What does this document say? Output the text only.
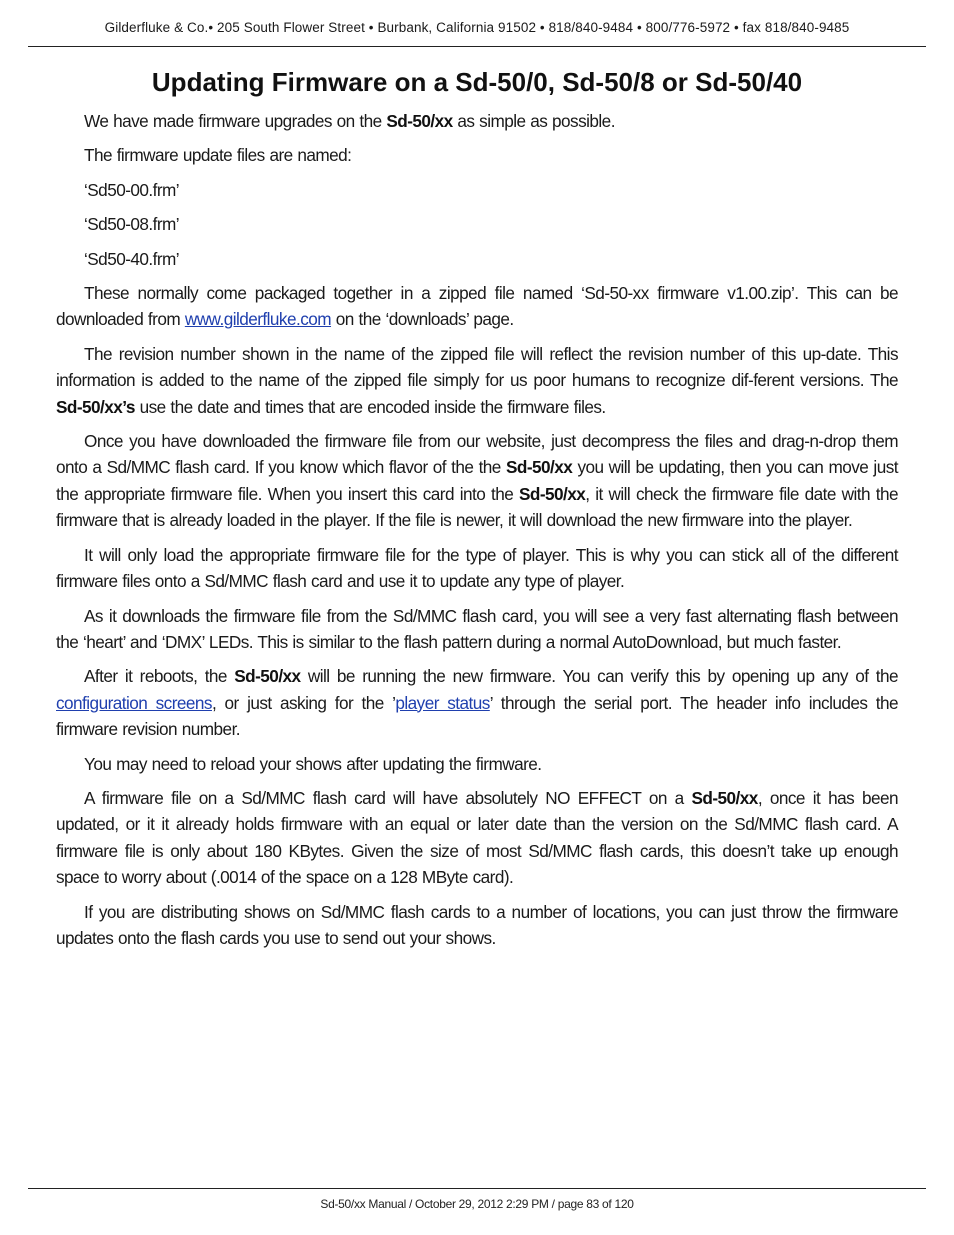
Gilderfluke & Co.• 205 South Flower Street • Burbank, California 91502 • 818/840-9484 • 800/776-5972 • fax 818/840-9485
Updating Firmware on a Sd-50/0, Sd-50/8 or Sd-50/40

We have made firmware upgrades on the Sd-50/xx as simple as possible.

The firmware update files are named:

‘Sd50-00.frm’

‘Sd50-08.frm’

‘Sd50-40.frm’

These normally come packaged together in a zipped file named ‘Sd-50-xx firmware v1.00.zip’. This can be downloaded from www.gilderfluke.com on the ‘downloads’ page.

The revision number shown in the name of the zipped file will reflect the revision number of this up-date. This information is added to the name of the zipped file simply for us poor humans to recognize dif-ferent versions. The Sd-50/xx’s use the date and times that are encoded inside the firmware files.

Once you have downloaded the firmware file from our website, just decompress the files and drag-n-drop them onto a Sd/MMC flash card. If you know which flavor of the the Sd-50/xx you will be updating, then you can move just the appropriate firmware file. When you insert this card into the Sd-50/xx, it will check the firmware file date with the firmware that is already loaded in the player. If the file is newer, it will download the new firmware into the player.

It will only load the appropriate firmware file for the type of player. This is why you can stick all of the different firmware files onto a Sd/MMC flash card and use it to update any type of player.

As it downloads the firmware file from the Sd/MMC flash card, you will see a very fast alternating flash between the ‘heart’ and ‘DMX’ LEDs. This is similar to the flash pattern during a normal AutoDownload, but much faster.

After it reboots, the Sd-50/xx will be running the new firmware. You can verify this by opening up any of the configuration screens, or just asking for the ’player status’ through the serial port. The header info includes the firmware revision number.

You may need to reload your shows after updating the firmware.

A firmware file on a Sd/MMC flash card will have absolutely NO EFFECT on a Sd-50/xx, once it has been updated, or it it already holds firmware with an equal or later date than the version on the Sd/MMC flash card. A firmware file is only about 180 KBytes. Given the size of most Sd/MMC flash cards, this doesn’t take up enough space to worry about (.0014 of the space on a 128 MByte card).

If you are distributing shows on Sd/MMC flash cards to a number of locations, you can just throw the firmware updates onto the flash cards you use to send out your shows.

Sd-50/xx Manual / October 29, 2012 2:29 PM / page 83 of 120
